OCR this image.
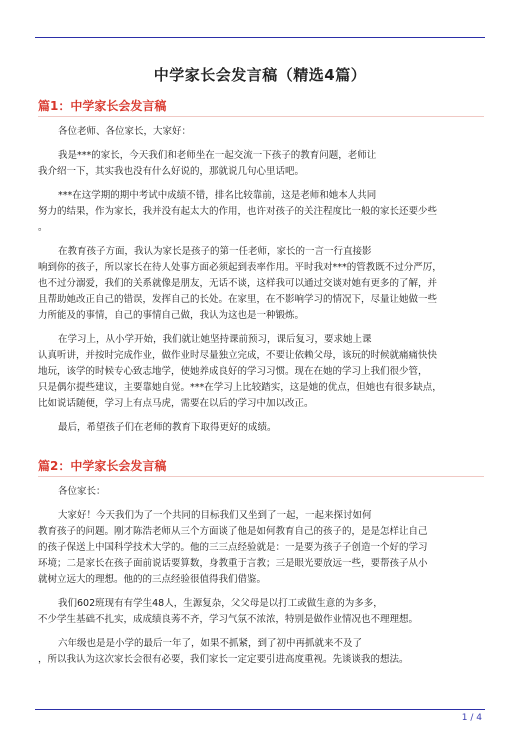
中学家长会发言稿（精选4篇）
篇1：中学家长会发言稿
各位老师、各位家长，大家好：
我是***的家长，今天我们和老师坐在一起交流一下孩子的教育问题，老师让
我介绍一下，其实我也没有什么好说的，那就说几句心里话吧。
***在这学期的期中考试中成绩不错，排名比较靠前，这是老师和她本人共同
努力的结果，作为家长，我并没有起太大的作用，也许对孩子的关注程度比一般的家长还要少些
。
在教育孩子方面，我认为家长是孩子的第一任老师，家长的一言一行直接影
响到你的孩子，所以家长在待人处事方面必须起到表率作用。平时我对***的管教既不过分严厉，
也不过分溺爱，我们的关系就像是朋友，无话不谈，这样我可以通过交谈对她有更多的了解，并
且帮助她改正自己的错误，发挥自己的长处。在家里，在不影响学习的情况下，尽量让她做一些
力所能及的事情，自己的事情自己做，我认为这也是一种锻炼。
在学习上，从小学开始，我们就让她坚持课前预习，课后复习，要求她上课
认真听讲，并按时完成作业，做作业时尽量独立完成，不要让依赖父母，该玩的时候就痛痛快快
地玩，该学的时候专心致志地学，使她养成良好的学习习惯。现在在她的学习上我们很少管，
只是偶尔提些建议，主要靠她自觉。***在学习上比较踏实，这是她的优点，但她也有很多缺点，
比如说话随便，学习上有点马虎，需要在以后的学习中加以改正。
最后，希望孩子们在老师的教育下取得更好的成绩。
篇2：中学家长会发言稿
各位家长：
大家好！今天我们为了一个共同的目标我们又坐到了一起，一起来探讨如何
教育孩子的问题。刚才陈浩老师从三个方面谈了他是如何教育自己的孩子的，是是怎样让自己
的孩子保送上中国科学技术大学的。他的三三点经验就是：一是要为孩子子创造一个好的学习
环境；二是家长在孩子面前说话要算数，身教重于言教；三是眼光要放远一些，要帮孩子从小
就树立远大的理想。他的的三点经验很值得我们借鉴。
我们602班现有有学生48人，生源复杂，父父母是以打工或做生意的为多多，
不少学生基础不扎实，成成绩良莠不齐，学习气氛不浓浓，特别是做作业情况也不理理想。
六年级也是是小学的最后一年了，如果不抓紧，到了初中再抓就来不及了
，所以我认为这次家长会很有必要，我们家长一定定要引进高度重视。先谈谈我的想法。
1 / 4
